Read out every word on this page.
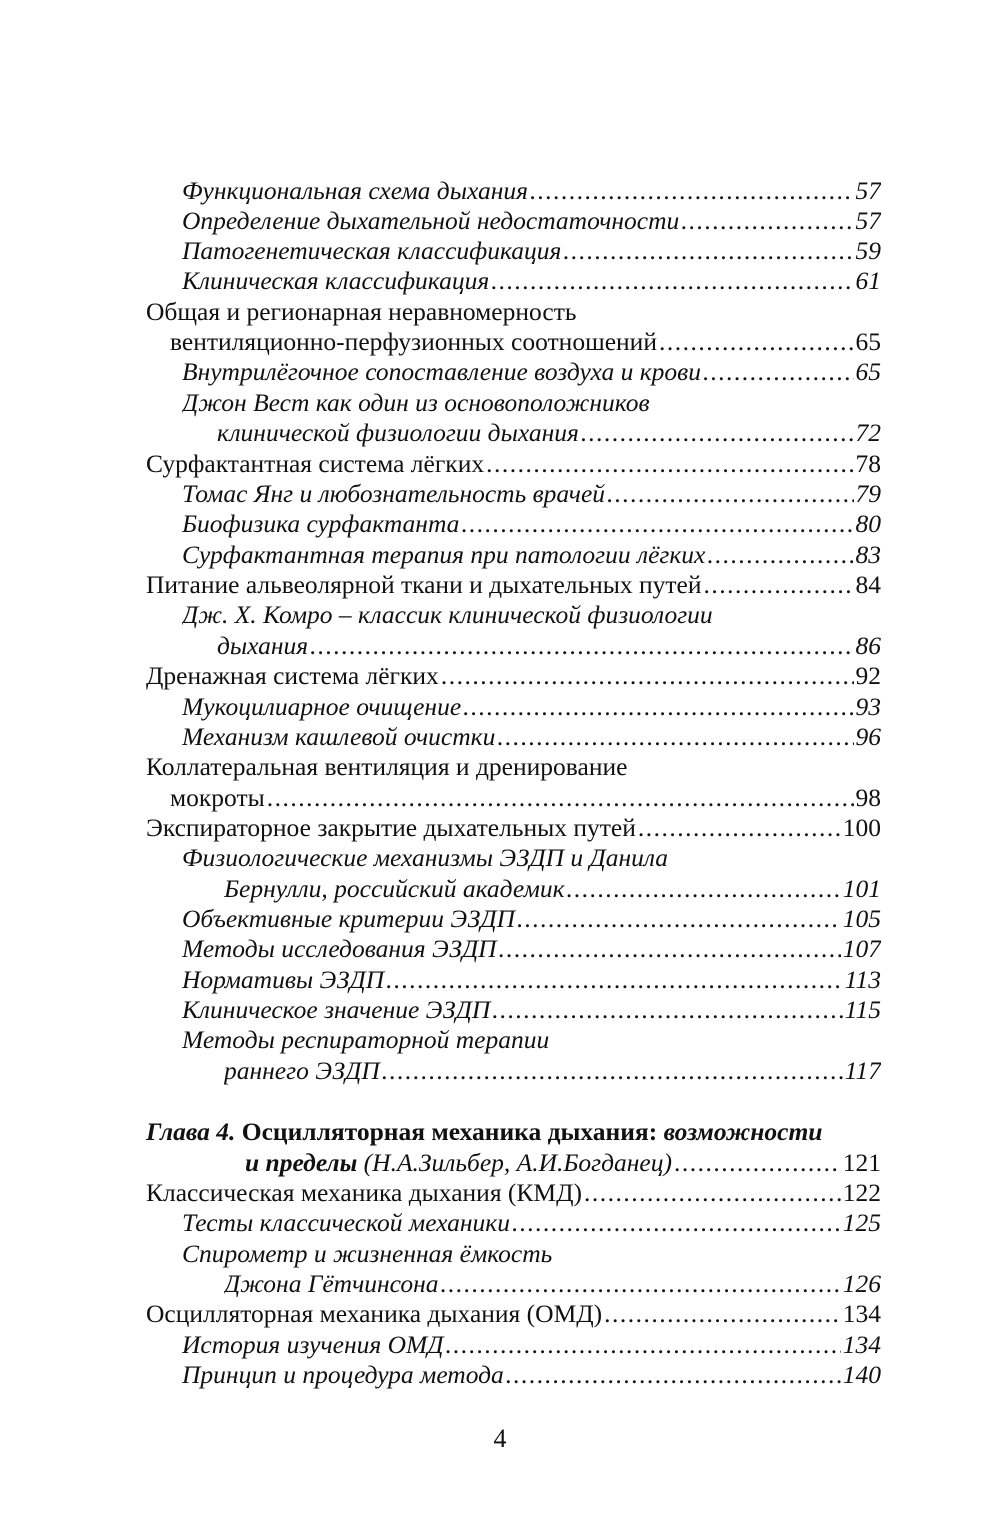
Функциональная схема дыхания .....	57
Определение дыхательной недостаточности .....	57
Патогенетическая классификация .....	59
Клиническая классификация .....	61
Общая и регионарная неравномерность
вентиляционно-перфузионных соотношений .....	65
Внутрилёгочное сопоставление воздуха и крови .....	65
Джон Вест как один из основоположников
клинической физиологии дыхания .....	72
Сурфактантная система лёгких .....	78
Томас Янг и любознательность врачей .....	79
Биофизика сурфактанта .....	80
Сурфактантная терапия при патологии лёгких .....	83
Питание альвеолярной ткани и дыхательных путей .....	84
Дж. Х. Комро – классик клинической физиологии
дыхания .....	86
Дренажная система лёгких .....	92
Мукоцилиарное очищение .....	93
Механизм кашлевой очистки .....	96
Коллатеральная вентиляция и дренирование
мокроты .....	98
Экспираторное закрытие дыхательных путей .....	100
Физиологические механизмы ЭЗДП и Данила
Бернулли, российский академик .....	101
Объективные критерии ЭЗДП .....	105
Методы исследования ЭЗДП .....	107
Нормативы ЭЗДП .....	113
Клиническое значение ЭЗДП .....	115
Методы респираторной терапии
раннего ЭЗДП .....	117
Глава 4. Осцилляторная механика дыхания: возможности
и пределы (Н.А.Зильбер, А.И.Богданец) .....	121
Классическая механика дыхания (КМД) .....	122
Тесты классической механики .....	125
Спирометр и жизненная ёмкость
Джона Гётчинсона .....	126
Осцилляторная механика дыхания (ОМД) .....	134
История изучения ОМД .....	134
Принцип и процедура метода .....	140
4
